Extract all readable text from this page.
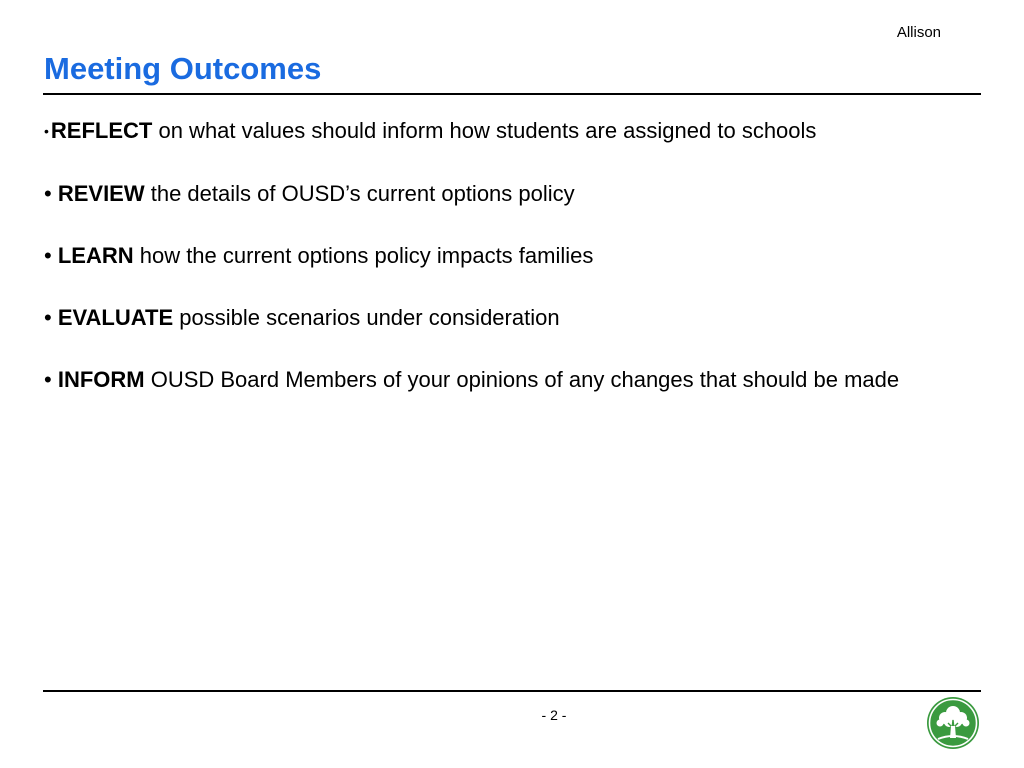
Allison
Meeting Outcomes
•REFLECT on what values should inform how students are assigned to schools
• REVIEW the details of OUSD’s current options policy
• LEARN how the current options policy impacts families
• EVALUATE possible scenarios under consideration
• INFORM OUSD Board Members of your opinions of any changes that should be made
- 2 -
